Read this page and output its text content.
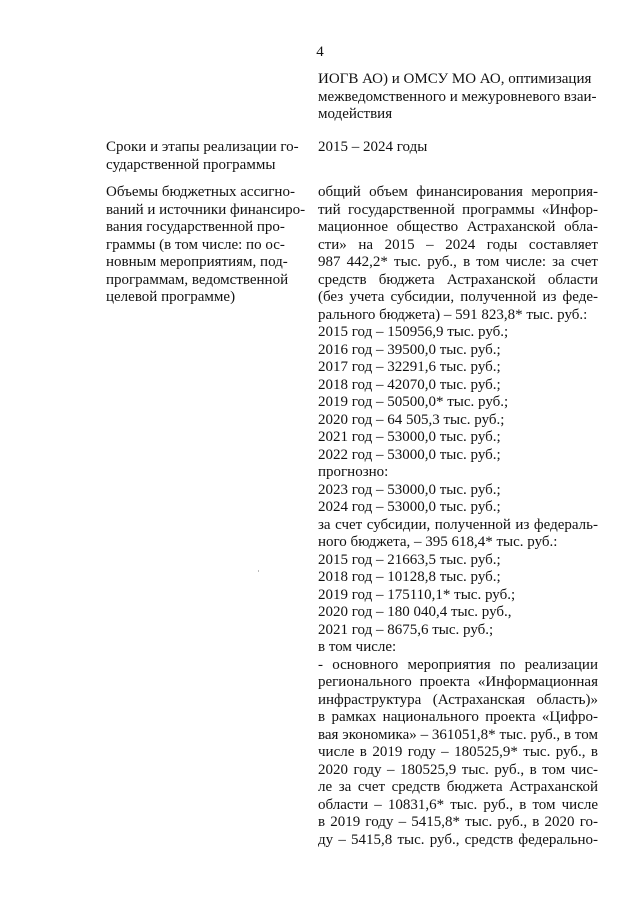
4
ИОГВ АО) и ОМСУ МО АО, оптимизация
межведомственного и межуровневого взаи-
модействия
Сроки и этапы реализации го-
сударственной программы
2015 – 2024 годы
Объемы бюджетных ассигно-
ваний и источники финансиро-
вания государственной про-
граммы (в том числе: по ос-
новным мероприятиям, под-
программам, ведомственной
целевой программе)
общий объем финансирования мероприя-
тий государственной программы «Инфор-
мационное общество Астраханской обла-
сти» на 2015 – 2024 годы составляет
987 442,2* тыс. руб., в том числе: за счет
средств бюджета Астраханской области
(без учета субсидии, полученной из феде-
рального бюджета) – 591 823,8* тыс. руб.:
2015 год – 150956,9 тыс. руб.;
2016 год – 39500,0 тыс. руб.;
2017 год – 32291,6 тыс. руб.;
2018 год – 42070,0 тыс. руб.;
2019 год – 50500,0* тыс. руб.;
2020 год – 64 505,3 тыс. руб.;
2021 год – 53000,0 тыс. руб.;
2022 год – 53000,0 тыс. руб.;
прогнозно:
2023 год – 53000,0 тыс. руб.;
2024 год – 53000,0 тыс. руб.;
за счет субсидии, полученной из федераль-
ного бюджета, – 395 618,4* тыс. руб.:
2015 год – 21663,5 тыс. руб.;
2018 год – 10128,8 тыс. руб.;
2019 год – 175110,1* тыс. руб.;
2020 год – 180 040,4 тыс. руб.,
2021 год – 8675,6 тыс. руб.;
в том числе:
- основного мероприятия по реализации
регионального проекта «Информационная
инфраструктура (Астраханская область)»
в рамках национального проекта «Цифро-
вая экономика» – 361051,8* тыс. руб., в том
числе в 2019 году – 180525,9* тыс. руб., в
2020 году – 180525,9 тыс. руб., в том чис-
ле за счет средств бюджета Астраханской
области – 10831,6* тыс. руб., в том числе
в 2019 году – 5415,8* тыс. руб., в 2020 го-
ду – 5415,8 тыс. руб., средств федерально-
